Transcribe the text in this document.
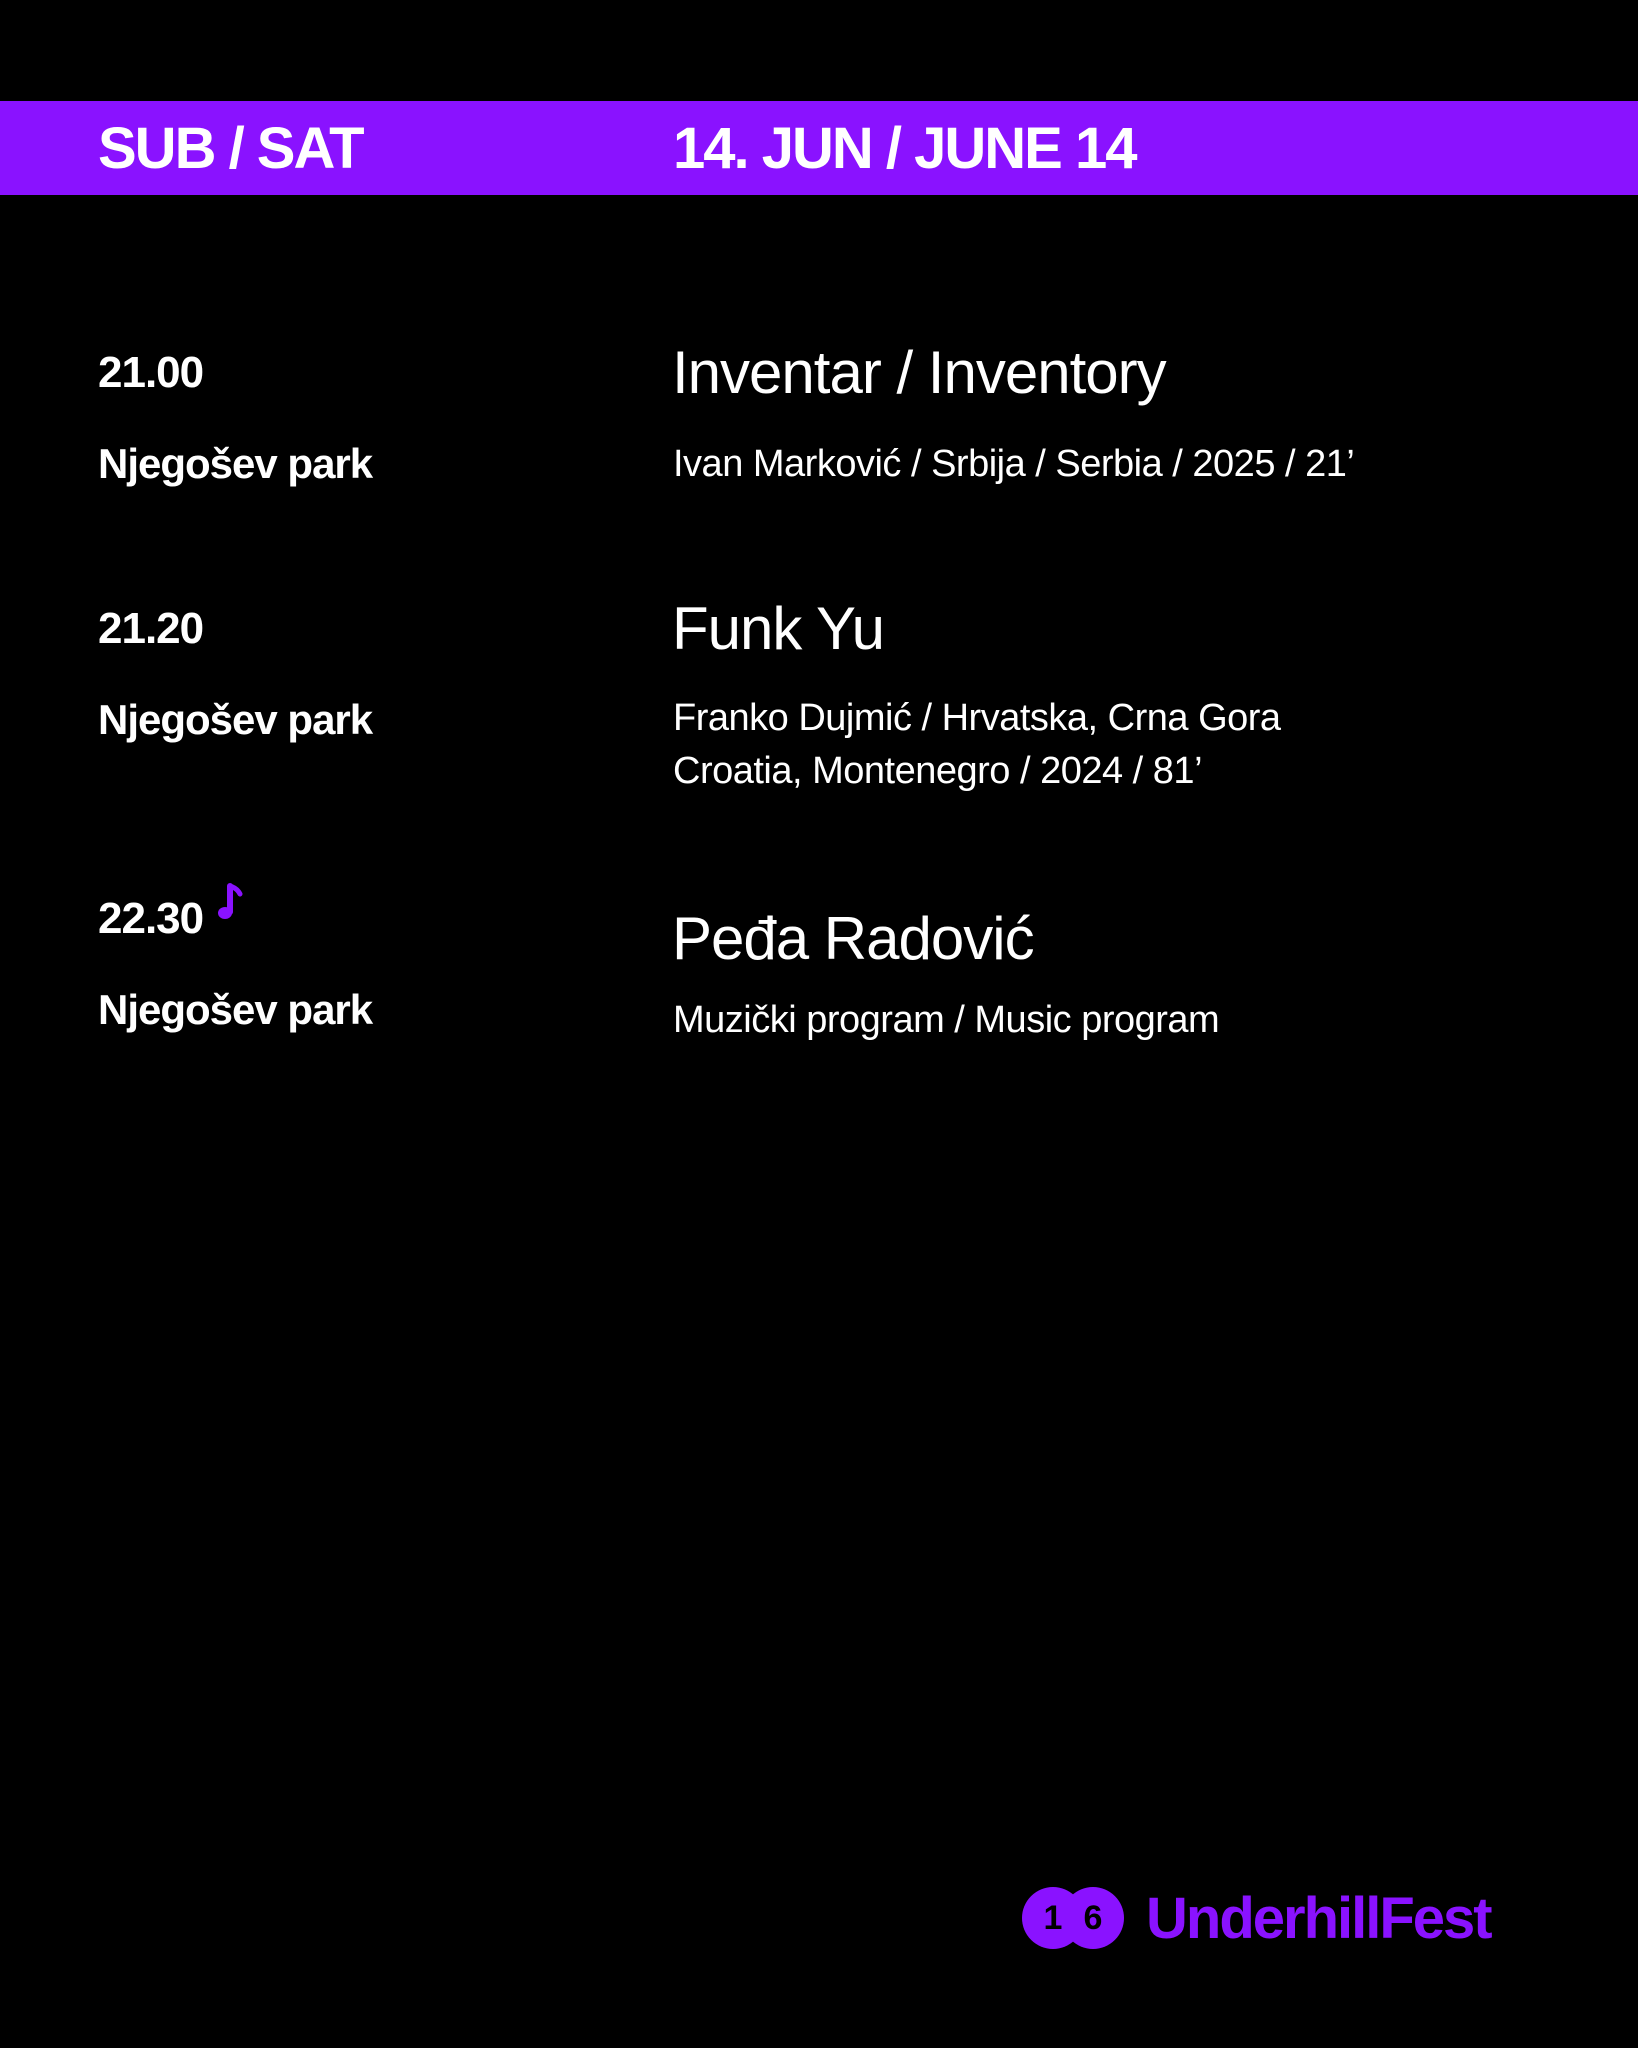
SUB / SAT	14. JUN / JUNE 14
21.00
Njegošev park
Inventar / Inventory
Ivan Marković / Srbija / Serbia / 2025 / 21’
21.20
Njegošev park
Funk Yu
Franko Dujmić / Hrvatska, Crna Gora
Croatia, Montenegro / 2024 / 81’
22.30
Njegošev park
Peđa Radović
Muzički program / Music program
1 6 UnderhillFest
